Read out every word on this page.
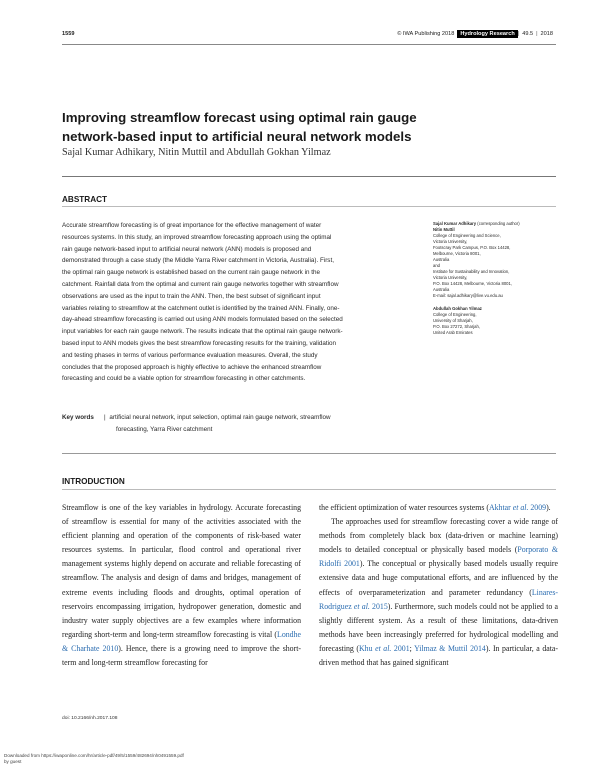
1559	© IWA Publishing 2018	Hydrology Research | 49.5 | 2018
Improving streamflow forecast using optimal rain gauge
network-based input to artificial neural network models
Sajal Kumar Adhikary, Nitin Muttil and Abdullah Gokhan Yilmaz
ABSTRACT

Accurate streamflow forecasting is of great importance for the effective management of water

resources systems. In this study, an improved streamflow forecasting approach using the optimal

rain gauge network-based input to artificial neural network (ANN) models is proposed and

demonstrated through a case study (the Middle Yarra River catchment in Victoria, Australia). First,

the optimal rain gauge network is established based on the current rain gauge network in the

catchment. Rainfall data from the optimal and current rain gauge networks together with streamflow

observations are used as the input to train the ANN. Then, the best subset of significant input

variables relating to streamflow at the catchment outlet is identified by the trained ANN. Finally, one-

day-ahead streamflow forecasting is carried out using ANN models formulated based on the selected

input variables for each rain gauge network. The results indicate that the optimal rain gauge network-

based input to ANN models gives the best streamflow forecasting results for the training, validation

and testing phases in terms of various performance evaluation measures. Overall, the study

concludes that the proposed approach is highly effective to achieve the enhanced streamflow

forecasting and could be a viable option for streamflow forecasting in other catchments.

Key words | artificial neural network, input selection, optimal rain gauge network, streamflow
forecasting, Yarra River catchment
Sajal Kumar Adhikary (corresponding author)
Nitin Muttil
College of Engineering and Science,
Victoria University,
Footscray Park Campus, P.O. Box 14428,
Melbourne, Victoria 8001,
Australia
and
Institute for Sustainability and Innovation,
Victoria University,
P.O. Box 14428, Melbourne, Victoria 8001,
Australia
E-mail: sajal.adhikary@live.vu.edu.au
Abdullah Gokhan Yilmaz
College of Engineering,
University of Sharjah,
P.O. Box 27272, Sharjah,
United Arab Emirates
INTRODUCTION

Streamflow is one of the key variables in hydrology. Accurate forecasting of streamflow is essential for many of the activities associated with the efficient planning and operation of the components of risk-based water resources systems. In particular, flood control and operational river management systems highly depend on accurate and reliable forecasting of streamflow. The analysis and design of dams and bridges, management of extreme events including floods and droughts, optimal operation of reservoirs encompassing irrigation, hydropower generation, domestic and industry water supply objectives are a few examples where information regarding short-term and long-term streamflow forecasting is vital (Londhe & Charhate 2010). Hence, there is a growing need to improve the short-term and long-term streamflow forecasting for

the efficient optimization of water resources systems (Akhtar et al. 2009).

The approaches used for streamflow forecasting cover a wide range of methods from completely black box (data-driven or machine learning) models to detailed conceptual or physically based models (Porporato & Ridolfi 2001). The conceptual or physically based models usually require extensive data and huge computational efforts, and are influenced by the effects of overparameterization and parameter redundancy (Linares-Rodriguez et al. 2015). Furthermore, such models could not be applied to a slightly different system. As a result of these limitations, data-driven methods have been increasingly preferred for hydrological modelling and forecasting (Khu et al. 2001; Yilmaz & Muttil 2014). In particular, a data-driven method that has gained significant

doi: 10.2166/nh.2017.108
Downloaded from https://iwaponline.com/hr/article-pdf/49/5/1559/482694/nh0491559.pdf
by guest
